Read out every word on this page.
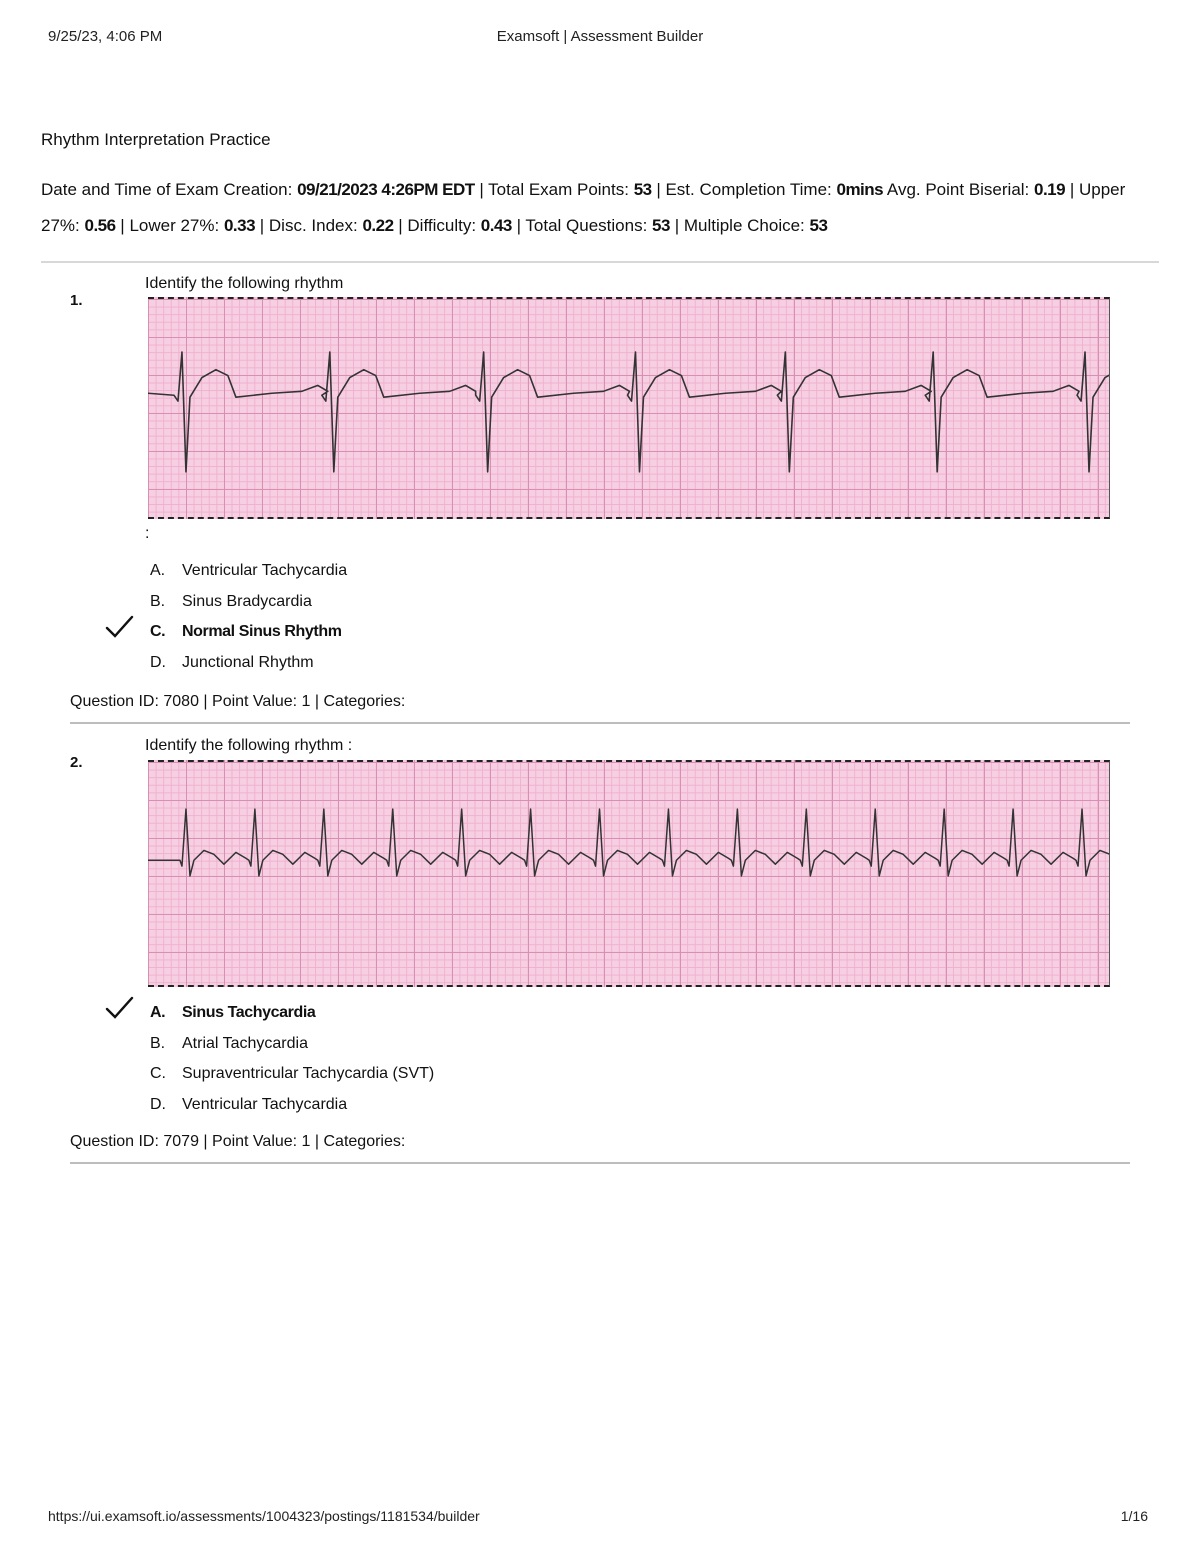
9/25/23, 4:06 PM	Examsoft | Assessment Builder
Rhythm Interpretation Practice
Date and Time of Exam Creation: 09/21/2023 4:26PM EDT | Total Exam Points: 53 | Est. Completion Time: 0mins Avg. Point Biserial: 0.19 | Upper 27%: 0.56 | Lower 27%: 0.33 | Disc. Index: 0.22 | Difficulty: 0.43 | Total Questions: 53 | Multiple Choice: 53
1.
Identify the following rhythm
:
A.	Ventricular Tachycardia
B.	Sinus Bradycardia
C.	Normal Sinus Rhythm
D.	Junctional Rhythm
Question ID: 7080 | Point Value: 1 | Categories:
2.
Identify the following rhythm :
A.	Sinus Tachycardia
B.	Atrial Tachycardia
C.	Supraventricular Tachycardia (SVT)
D.	Ventricular Tachycardia
Question ID: 7079 | Point Value: 1 | Categories:
https://ui.examsoft.io/assessments/1004323/postings/1181534/builder	1/16
